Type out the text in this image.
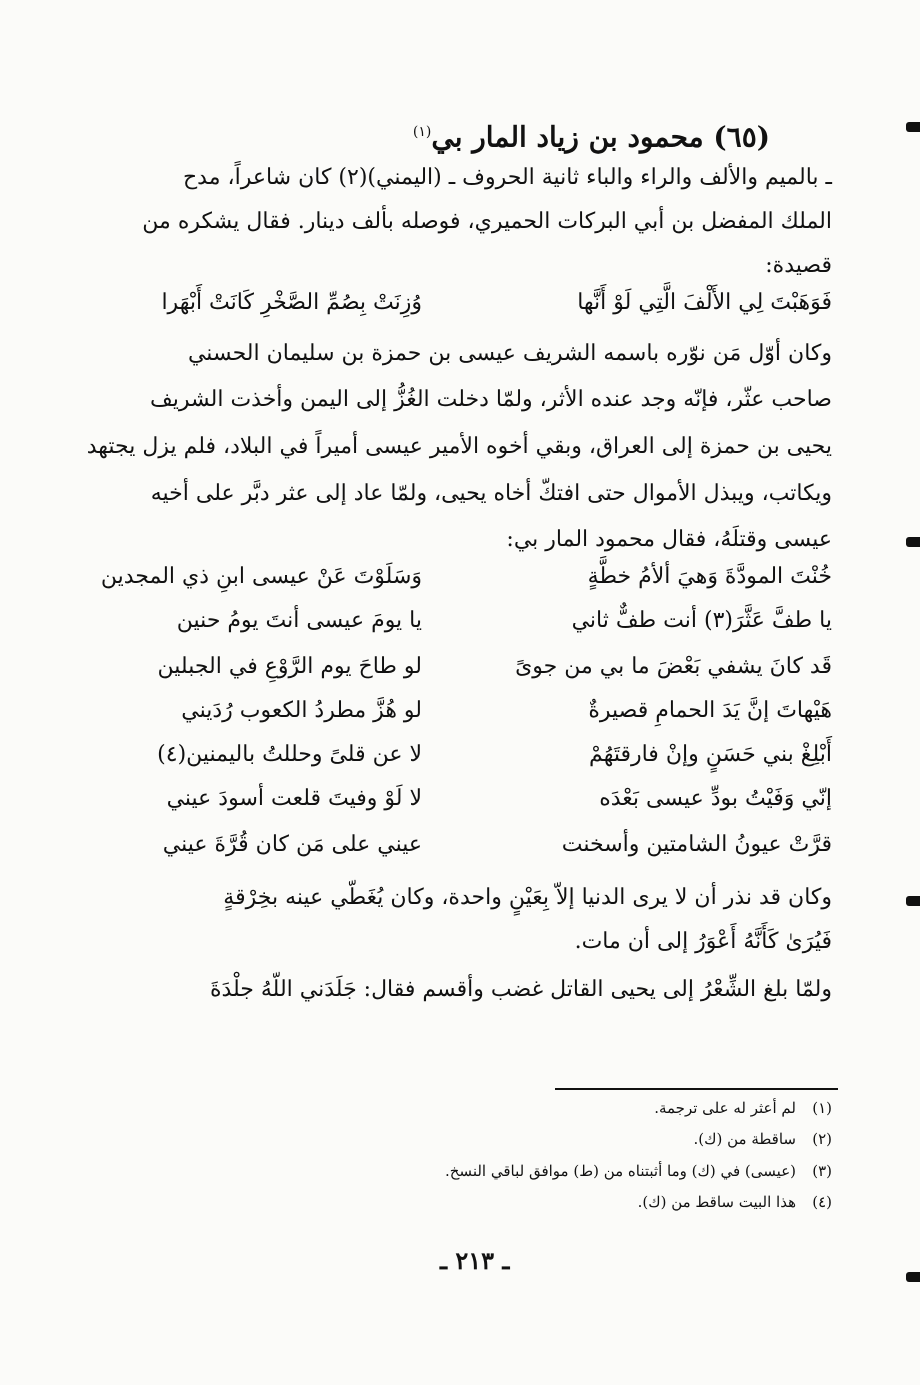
(٦٥) محمود بن زياد المار بي$^{(١)}$
ـ بالميم والألف والراء والباء ثانية الحروف ـ (اليمني)(٢) كان شاعراً، مدح
الملك المفضل بن أبي البركات الحميري، فوصله بألف دينار. فقال يشكره من
قصيدة:
فَوَهَبْتَ لِي الأَلْفَ الَّتِي لَوْ أَنَّها
وُزِنَتْ بِصُمِّ الصَّخْرِ كَانَتْ أَبْهَرا
وكان أوّل مَن نوّره باسمه الشريف عيسى بن حمزة بن سليمان الحسني
صاحب عثّر، فإنّه وجد عنده الأثر، ولمّا دخلت الغُزُّ إلى اليمن وأخذت الشريف
يحيى بن حمزة إلى العراق، وبقي أخوه الأمير عيسى أميراً في البلاد، فلم يزل يجتهد
ويكاتب، ويبذل الأموال حتى افتكّ أخاه يحيى، ولمّا عاد إلى عثر دبَّر على أخيه
عيسى وقتلَهُ، فقال محمود المار بي:
خُنْتَ المودَّةَ وَهيَ ألأمُ خطَّةٍ
وَسَلَوْتَ عَنْ عيسى ابنِ ذي المجدين
يا طفَّ عَثَّرَ(٣) أنت طفٌّ ثاني
يا يومَ عيسى أنتَ يومُ حنين
قَد كانَ يشفي بَعْضَ ما بي من جوىً
لو طاحَ يوم الرَّوْعِ في الجبلين
هَيْهاتَ إنَّ يَدَ الحمامِ قصيرةٌ
لو هُزَّ مطردُ الكعوب رُدَيني
أَبْلِغْ بني حَسَنٍ وإنْ فارقتَهُمْ
لا عن قلىً وحللتُ باليمنين(٤)
إنّي وَفَيْتُ بودِّ عيسى بَعْدَه
لا لَوْ وفيتَ قلعت أسودَ عيني
قرَّتْ عيونُ الشامتين وأسخنت
عيني على مَن كان قُرَّةَ عيني
وكان قد نذر أن لا يرى الدنيا إلاّ بِعَيْنٍ واحدة، وكان يُغَطّي عينه بخِرْقةٍ
فَيُرَىٰ كَأَنَّهُ أَعْوَرُ إلى أن مات.
ولمّا بلغ الشِّعْرُ إلى يحيى القاتل غضب وأقسم فقال: جَلَدَني اللّهُ جلْدَةَ
(١)لم أعثر له على ترجمة.
(٢)ساقطة من (ك).
(٣)(عيسى) في (ك) وما أثبتناه من (ط) موافق لباقي النسخ.
(٤)هذا البيت ساقط من (ك).
ـ ٢١٣ ـ
